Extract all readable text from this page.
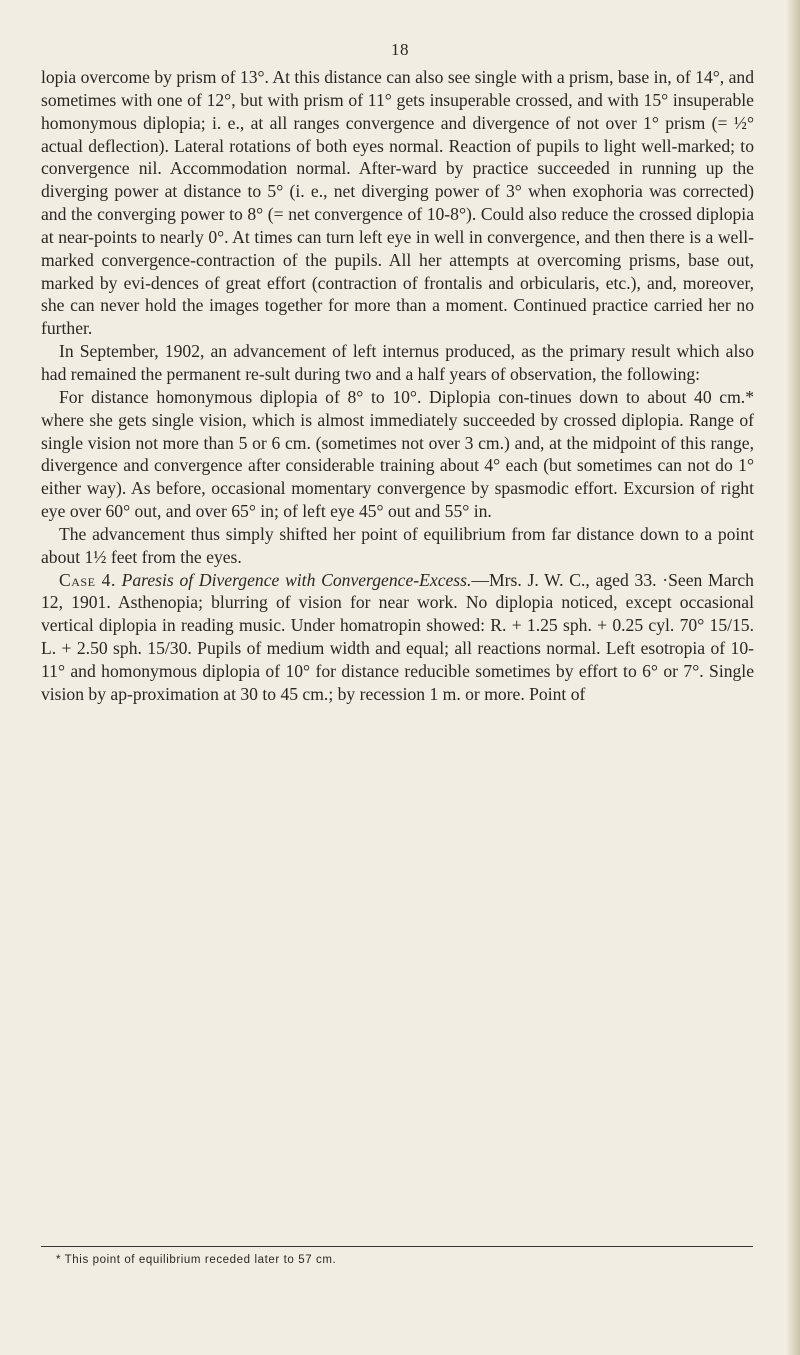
18

lopia overcome by prism of 13°. At this distance can also see single with a prism, base in, of 14°, and sometimes with one of 12°, but with prism of 11° gets insuperable crossed, and with 15° insuperable homonymous diplopia; i. e., at all ranges convergence and divergence of not over 1° prism (= ½° actual deflection). Lateral rotations of both eyes normal. Reaction of pupils to light well-marked; to convergence nil. Accommodation normal. After-ward by practice succeeded in running up the diverging power at distance to 5° (i. e., net diverging power of 3° when exophoria was corrected) and the converging power to 8° (= net convergence of 10-8°). Could also reduce the crossed diplopia at near-points to nearly 0°. At times can turn left eye in well in convergence, and then there is a well-marked convergence-contraction of the pupils. All her attempts at overcoming prisms, base out, marked by evi-dences of great effort (contraction of frontalis and orbicularis, etc.), and, moreover, she can never hold the images together for more than a moment. Continued practice carried her no further.

In September, 1902, an advancement of left internus produced, as the primary result which also had remained the permanent re-sult during two and a half years of observation, the following:

For distance homonymous diplopia of 8° to 10°. Diplopia con-tinues down to about 40 cm.* where she gets single vision, which is almost immediately succeeded by crossed diplopia. Range of single vision not more than 5 or 6 cm. (sometimes not over 3 cm.) and, at the midpoint of this range, divergence and convergence after considerable training about 4° each (but sometimes can not do 1° either way). As before, occasional momentary convergence by spasmodic effort. Excursion of right eye over 60° out, and over 65° in; of left eye 45° out and 55° in.

The advancement thus simply shifted her point of equilibrium from far distance down to a point about 1½ feet from the eyes.

Case 4. Paresis of Divergence with Convergence-Excess.—Mrs. J. W. C., aged 33. ·Seen March 12, 1901. Asthenopia; blurring of vision for near work. No diplopia noticed, except occasional vertical diplopia in reading music. Under homatropin showed: R. + 1.25 sph. + 0.25 cyl. 70° 15/15. L. + 2.50 sph. 15/30. Pupils of medium width and equal; all reactions normal. Left esotropia of 10-11° and homonymous diplopia of 10° for distance reducible sometimes by effort to 6° or 7°. Single vision by ap-proximation at 30 to 45 cm.; by recession 1 m. or more. Point of

* This point of equilibrium receded later to 57 cm.
